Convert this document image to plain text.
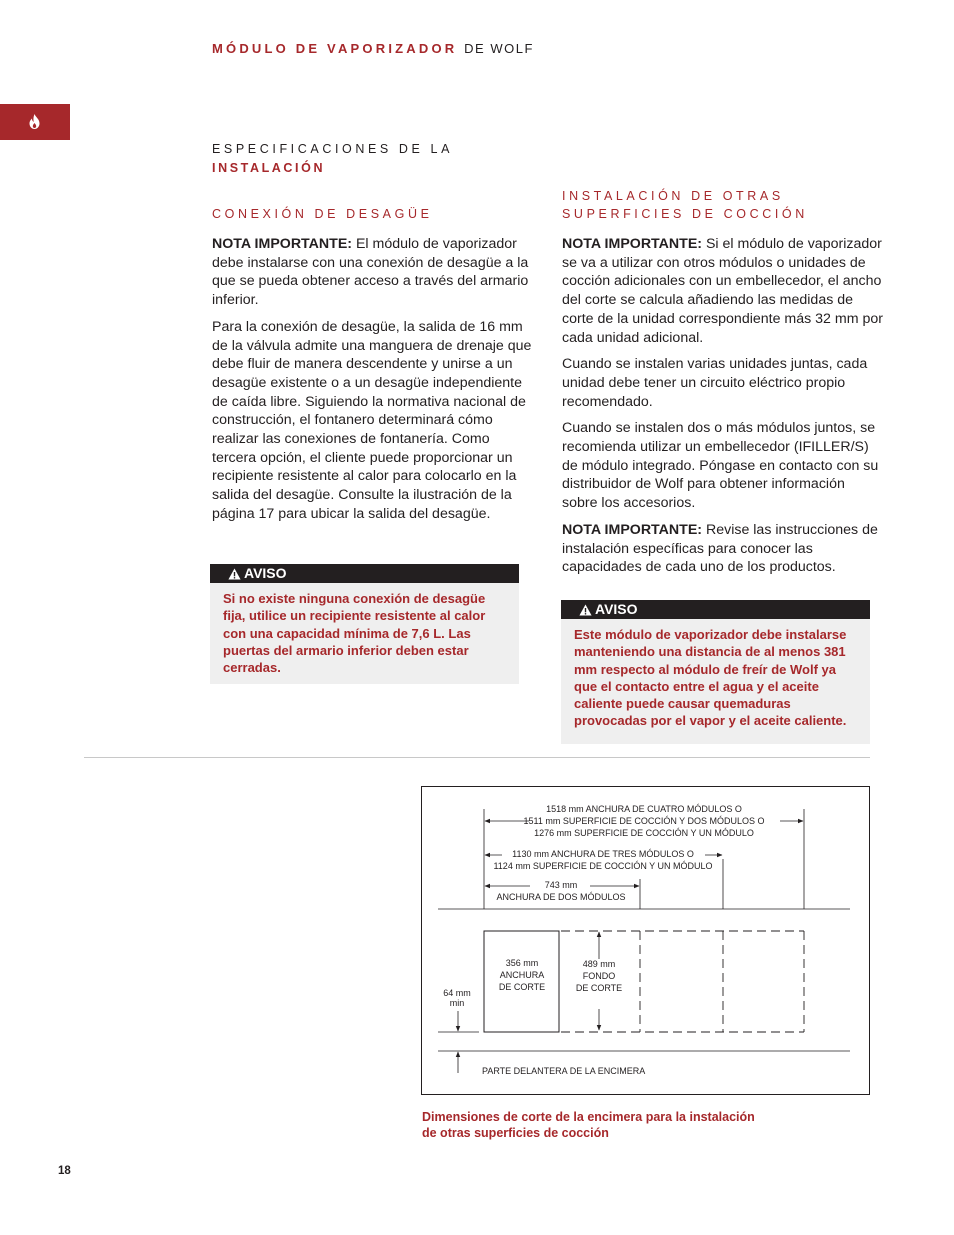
MÓDULO DE VAPORIZADOR DE WOLF
ESPECIFICACIONES DE LA
INSTALACIÓN
CONEXIÓN DE DESAGÜE

NOTA IMPORTANTE: El módulo de vaporizador debe instalarse con una conexión de desagüe a la que se pueda obtener acceso a través del armario inferior.

Para la conexión de desagüe, la salida de 16 mm de la válvula admite una manguera de drenaje que debe fluir de manera descendente y unirse a un desagüe existente o a un desagüe independiente de caída libre. Siguiendo la normativa nacional de construcción, el fontanero determinará cómo realizar las conexiones de fontanería. Como tercera opción, el cliente puede proporcionar un recipiente resistente al calor para colocarlo en la salida del desagüe. Consulte la ilustración de la página 17 para ubicar la salida del desagüe.

AVISO
Si no existe ninguna conexión de desagüe fija, utilice un recipiente resistente al calor con una capacidad mínima de 7,6 L. Las puertas del armario inferior deben estar cerradas.
INSTALACIÓN DE OTRAS
SUPERFICIES DE COCCIÓN

NOTA IMPORTANTE: Si el módulo de vaporizador se va a utilizar con otros módulos o unidades de cocción adicionales con un embellecedor, el ancho del corte se calcula añadiendo las medidas de corte de la unidad correspondiente más 32 mm por cada unidad adicional.

Cuando se instalen varias unidades juntas, cada unidad debe tener un circuito eléctrico propio recomendado.

Cuando se instalen dos o más módulos juntos, se recomienda utilizar un embellecedor (IFILLER/S) de módulo integrado. Póngase en contacto con su distribuidor de Wolf para obtener información sobre los accesorios.

NOTA IMPORTANTE: Revise las instrucciones de instalación específicas para conocer las capacidades de cada uno de los productos.

AVISO
Este módulo de vaporizador debe instalarse manteniendo una distancia de al menos 381 mm respecto al módulo de freír de Wolf ya que el contacto entre el agua y el aceite caliente puede causar quemaduras provocadas por el vapor y el aceite caliente.
1518 mm ANCHURA DE CUATRO MÓDULOS O
1511 mm SUPERFICIE DE COCCIÓN Y DOS MÓDULOS O
1276 mm SUPERFICIE DE COCCIÓN Y UN MÓDULO
1130 mm ANCHURA DE TRES MÓDULOS O
1124 mm SUPERFICIE DE COCCIÓN Y UN MÓDULO
743 mm
ANCHURA DE DOS MÓDULOS
356 mm
ANCHURA
DE CORTE
489 mm
FONDO
DE CORTE
64 mm
min
PARTE DELANTERA DE LA ENCIMERA
Dimensiones de corte de la encimera para la instalación
de otras superficies de cocción
18
